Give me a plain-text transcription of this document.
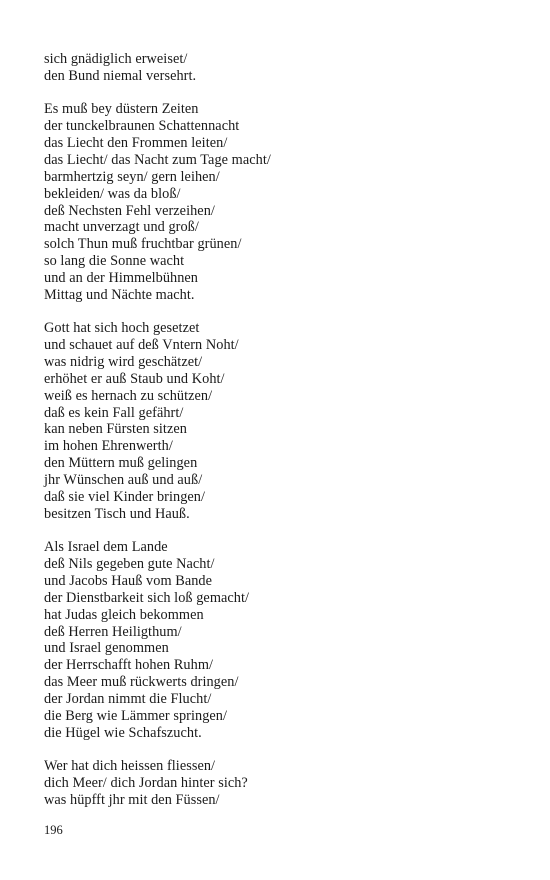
sich gnädiglich erweiset/
den Bund niemal versehrt.
Es muß bey düstern Zeiten
der tunckelbraunen Schattennacht
das Liecht den Frommen leiten/
das Liecht/ das Nacht zum Tage macht/
barmhertzig seyn/ gern leihen/
bekleiden/ was da bloß/
deß Nechsten Fehl verzeihen/
macht unverzagt und groß/
solch Thun muß fruchtbar grünen/
so lang die Sonne wacht
und an der Himmelbühnen
Mittag und Nächte macht.
Gott hat sich hoch gesetzet
und schauet auf deß Vntern Noht/
was nidrig wird geschätzet/
erhöhet er auß Staub und Koht/
weiß es hernach zu schützen/
daß es kein Fall gefährt/
kan neben Fürsten sitzen
im hohen Ehrenwerth/
den Müttern muß gelingen
jhr Wünschen auß und auß/
daß sie viel Kinder bringen/
besitzen Tisch und Hauß.
Als Israel dem Lande
deß Nils gegeben gute Nacht/
und Jacobs Hauß vom Bande
der Dienstbarkeit sich loß gemacht/
hat Judas gleich bekommen
deß Herren Heiligthum/
und Israel genommen
der Herrschafft hohen Ruhm/
das Meer muß rückwerts dringen/
der Jordan nimmt die Flucht/
die Berg wie Lämmer springen/
die Hügel wie Schafszucht.
Wer hat dich heissen fliessen/
dich Meer/ dich Jordan hinter sich?
was hüpfft jhr mit den Füssen/
196
